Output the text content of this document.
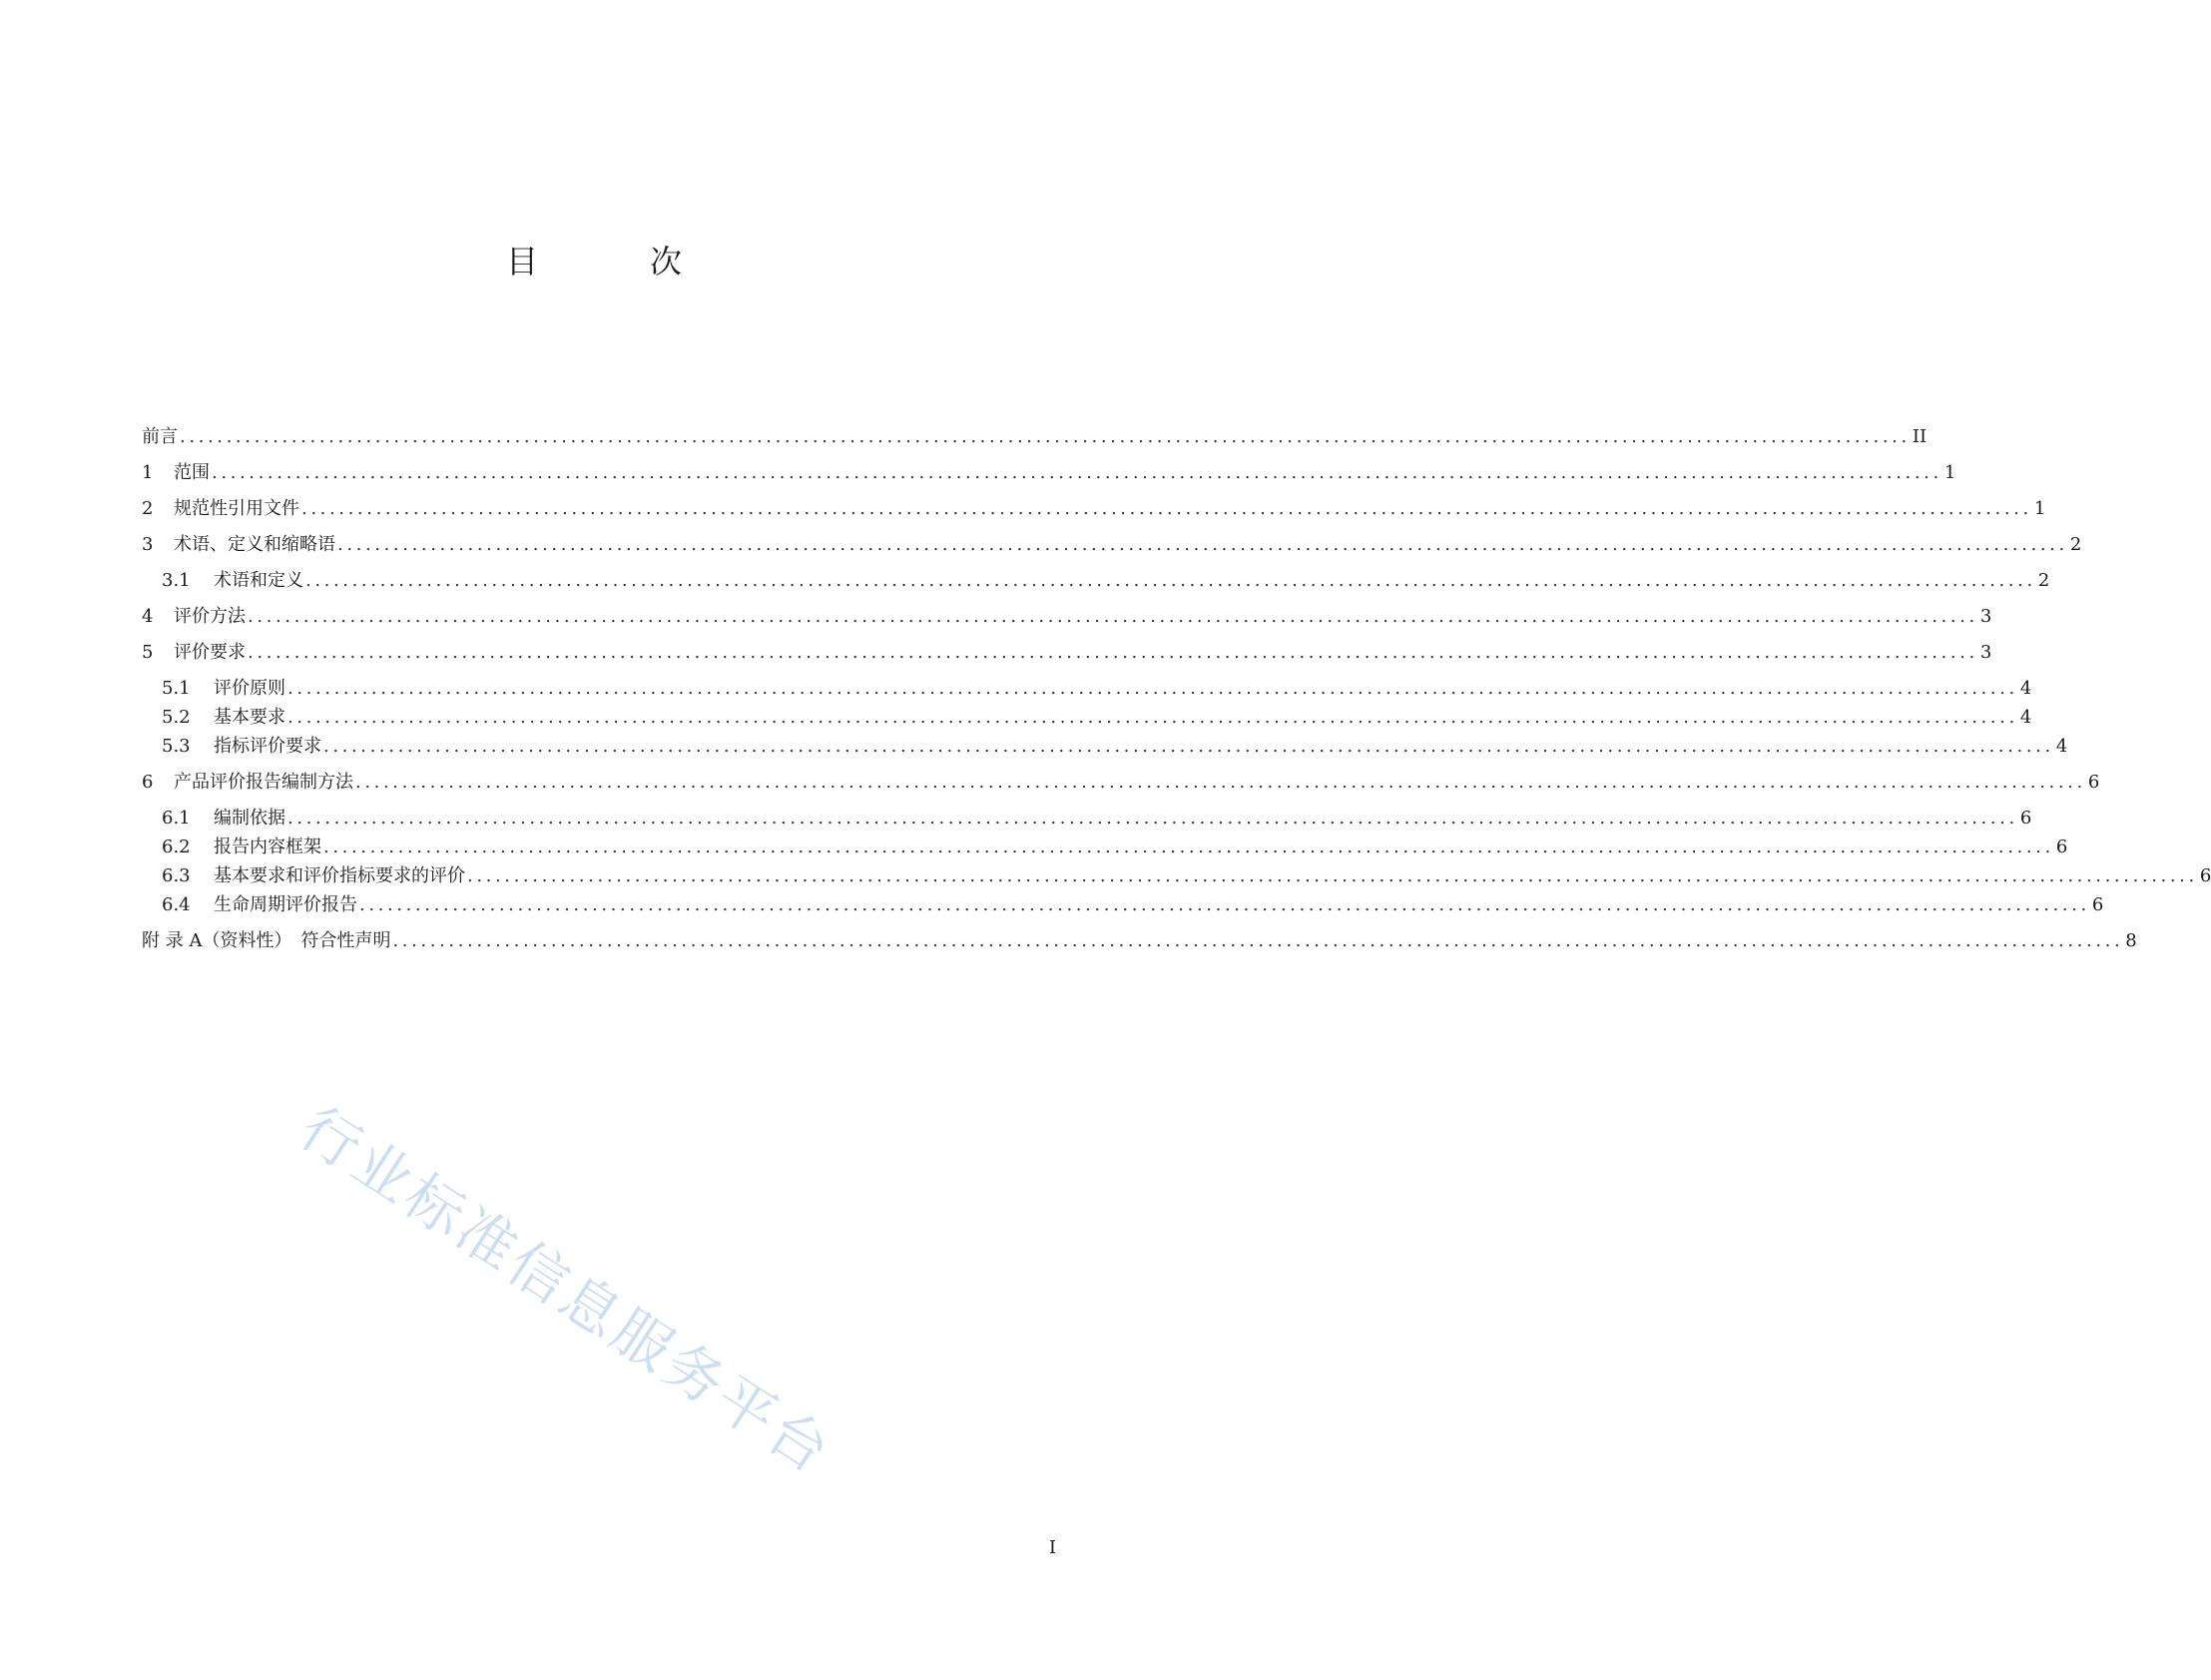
目　次
前言 .......................................................................................................................................................................................... II
1	范围 .......................................................................................................................................................................................... 1
2	规范性引用文件 .......................................................................................................................................................................................... 1
3	术语、定义和缩略语 .......................................................................................................................................................................................... 2
3.1	术语和定义 .......................................................................................................................................................................................... 2
4	评价方法 .......................................................................................................................................................................................... 3
5	评价要求 .......................................................................................................................................................................................... 3
5.1	评价原则 .......................................................................................................................................................................................... 4
5.2	基本要求 .......................................................................................................................................................................................... 4
5.3	指标评价要求 .......................................................................................................................................................................................... 4
6	产品评价报告编制方法 .......................................................................................................................................................................................... 6
6.1	编制依据 .......................................................................................................................................................................................... 6
6.2	报告内容框架 .......................................................................................................................................................................................... 6
6.3	基本要求和评价指标要求的评价 .......................................................................................................................................................................................... 6
6.4	生命周期评价报告 .......................................................................................................................................................................................... 6
附 录 A（资料性）　符合性声明 .......................................................................................................................................................................................... 8
行业标准信息服务平台
I
